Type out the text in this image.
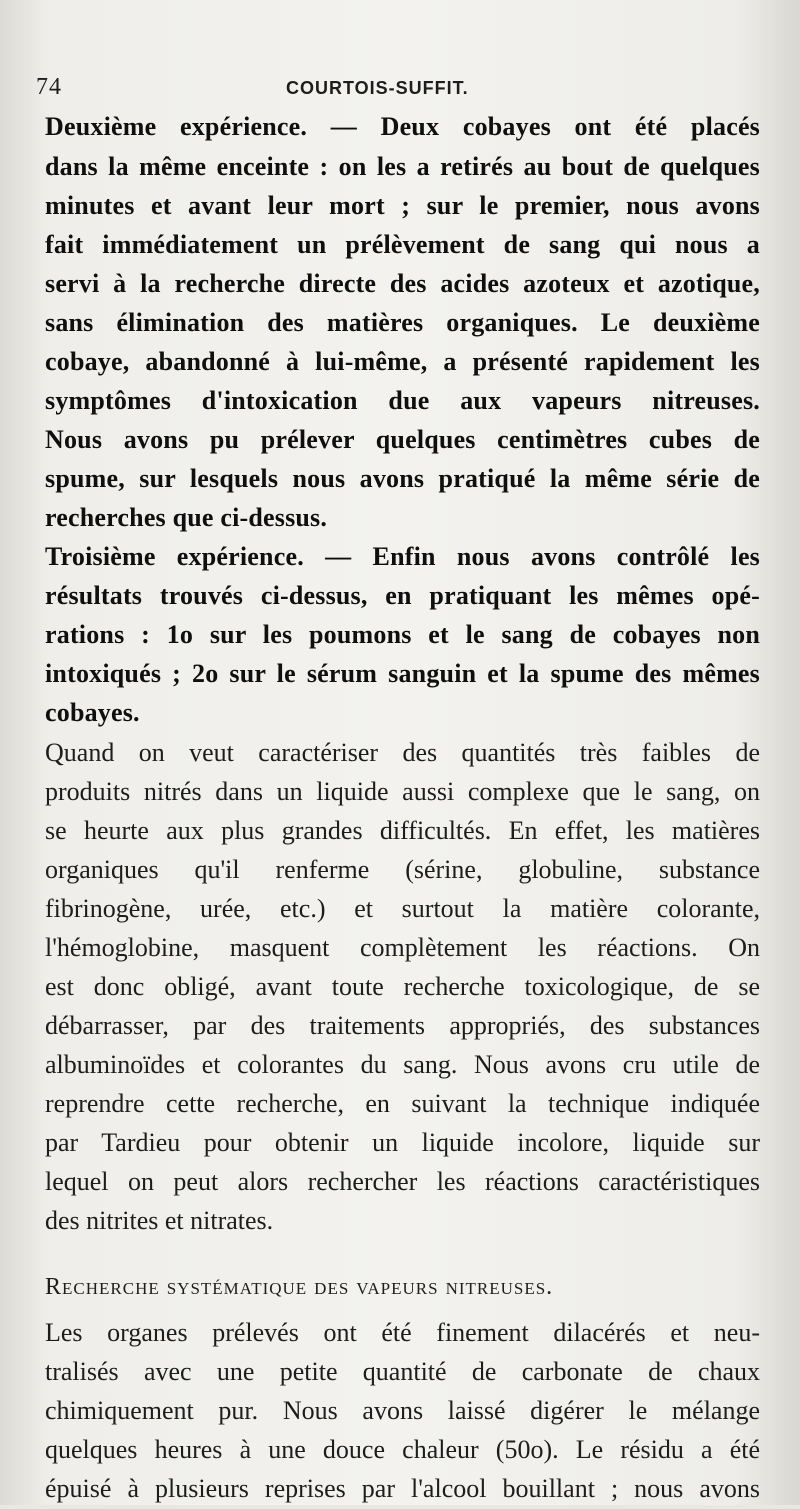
74	COURTOIS-SUFFIT.
Deuxième expérience. — Deux cobayes ont été placés
dans la même enceinte : on les a retirés au bout de quelques
minutes et avant leur mort ; sur le premier, nous avons
fait immédiatement un prélèvement de sang qui nous a
servi à la recherche directe des acides azoteux et azotique,
sans élimination des matières organiques. Le deuxième
cobaye, abandonné à lui-même, a présenté rapidement les
symptômes d'intoxication due aux vapeurs nitreuses.
Nous avons pu prélever quelques centimètres cubes de
spume, sur lesquels nous avons pratiqué la même série de
recherches que ci-dessus.
Troisième expérience. — Enfin nous avons contrôlé les
résultats trouvés ci-dessus, en pratiquant les mêmes opé-
rations : 1o sur les poumons et le sang de cobayes non
intoxiqués ; 2o sur le sérum sanguin et la spume des mêmes
cobayes.
Quand on veut caractériser des quantités très faibles de
produits nitrés dans un liquide aussi complexe que le sang, on
se heurte aux plus grandes difficultés. En effet, les matières
organiques qu'il renferme (sérine, globuline, substance
fibrinogène, urée, etc.) et surtout la matière colorante,
l'hémoglobine, masquent complètement les réactions. On
est donc obligé, avant toute recherche toxicologique, de se
débarrasser, par des traitements appropriés, des substances
albuminoïdes et colorantes du sang. Nous avons cru utile de
reprendre cette recherche, en suivant la technique indiquée
par Tardieu pour obtenir un liquide incolore, liquide sur
lequel on peut alors rechercher les réactions caractéristiques
des nitrites et nitrates.
Recherche systématique des vapeurs nitreuses.
Les organes prélevés ont été finement dilacérés et neu-
tralisés avec une petite quantité de carbonate de chaux
chimiquement pur. Nous avons laissé digérer le mélange
quelques heures à une douce chaleur (50o). Le résidu a été
épuisé à plusieurs reprises par l'alcool bouillant ; nous avons
